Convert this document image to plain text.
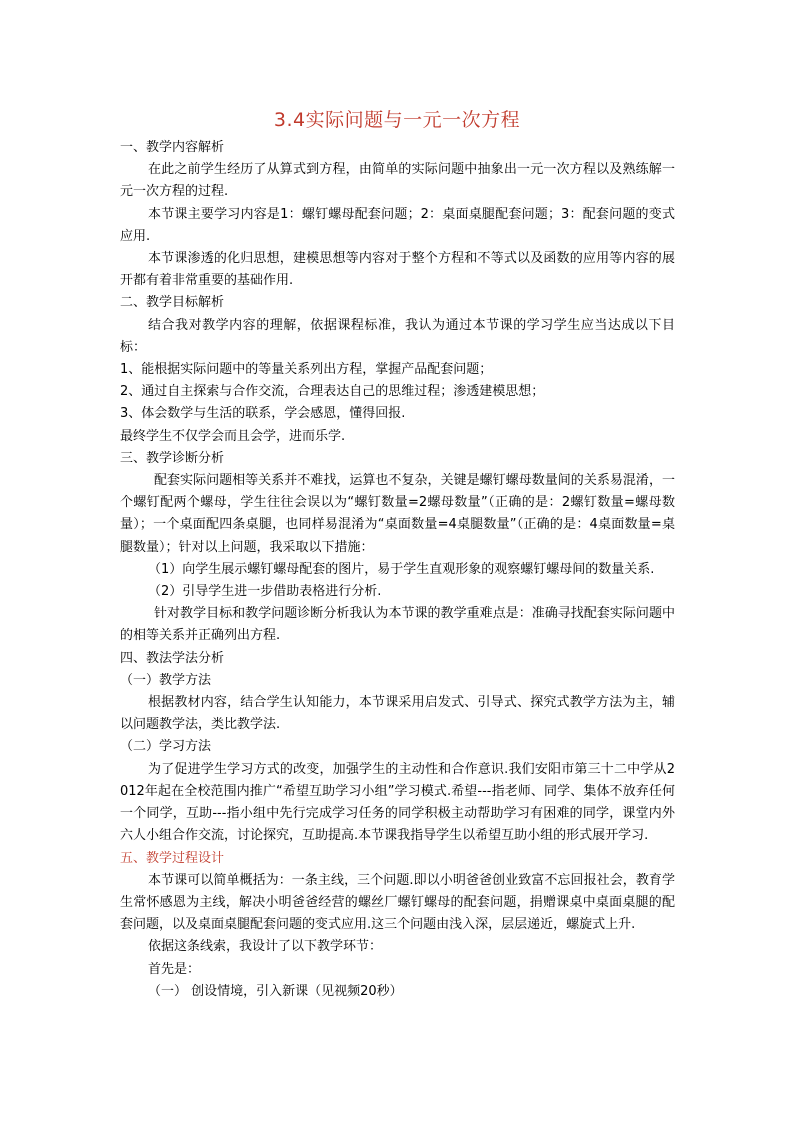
3.4实际问题与一元一次方程

一、教学内容解析

在此之前学生经历了从算式到方程，由简单的实际问题中抽象出一元一次方程以及熟练解一元一次方程的过程.

本节课主要学习内容是1：螺钉螺母配套问题；2：桌面桌腿配套问题；3：配套问题的变式应用.

本节课渗透的化归思想，建模思想等内容对于整个方程和不等式以及函数的应用等内容的展开都有着非常重要的基础作用.

二、教学目标解析

结合我对教学内容的理解，依据课程标准，我认为通过本节课的学习学生应当达成以下目标：

1、能根据实际问题中的等量关系列出方程，掌握产品配套问题；

2、通过自主探索与合作交流，合理表达自己的思维过程；渗透建模思想；

3、体会数学与生活的联系，学会感恩，懂得回报.

最终学生不仅学会而且会学，进而乐学.

三、教学诊断分析

配套实际问题相等关系并不难找，运算也不复杂，关键是螺钉螺母数量间的关系易混淆，一个螺钉配两个螺母，学生往往会误以为“螺钉数量=2螺母数量”（正确的是：2螺钉数量=螺母数量）；一个桌面配四条桌腿，也同样易混淆为“桌面数量=4桌腿数量”（正确的是：4桌面数量=桌腿数量）；针对以上问题，我采取以下措施：

（1）向学生展示螺钉螺母配套的图片，易于学生直观形象的观察螺钉螺母间的数量关系.

（2）引导学生进一步借助表格进行分析.

针对教学目标和教学问题诊断分析我认为本节课的教学重难点是：准确寻找配套实际问题中的相等关系并正确列出方程.

四、教法学法分析

（一）教学方法

根据教材内容，结合学生认知能力，本节课采用启发式、引导式、探究式教学方法为主，辅以问题教学法，类比教学法.

（二）学习方法

为了促进学生学习方式的改变，加强学生的主动性和合作意识.我们安阳市第三十二中学从2012年起在全校范围内推广“希望互助学习小组”学习模式.希望---指老师、同学、集体不放弃任何一个同学，互助---指小组中先行完成学习任务的同学积极主动帮助学习有困难的同学，课堂内外六人小组合作交流，讨论探究，互助提高.本节课我指导学生以希望互助小组的形式展开学习.

五、教学过程设计

本节课可以简单概括为：一条主线，三个问题.即以小明爸爸创业致富不忘回报社会，教育学生常怀感恩为主线，解决小明爸爸经营的螺丝厂螺钉螺母的配套问题，捐赠课桌中桌面桌腿的配套问题，以及桌面桌腿配套问题的变式应用.这三个问题由浅入深，层层递近，螺旋式上升.

依据这条线索，我设计了以下教学环节：

首先是：

（一） 创设情境，引入新课（见视频20秒）
